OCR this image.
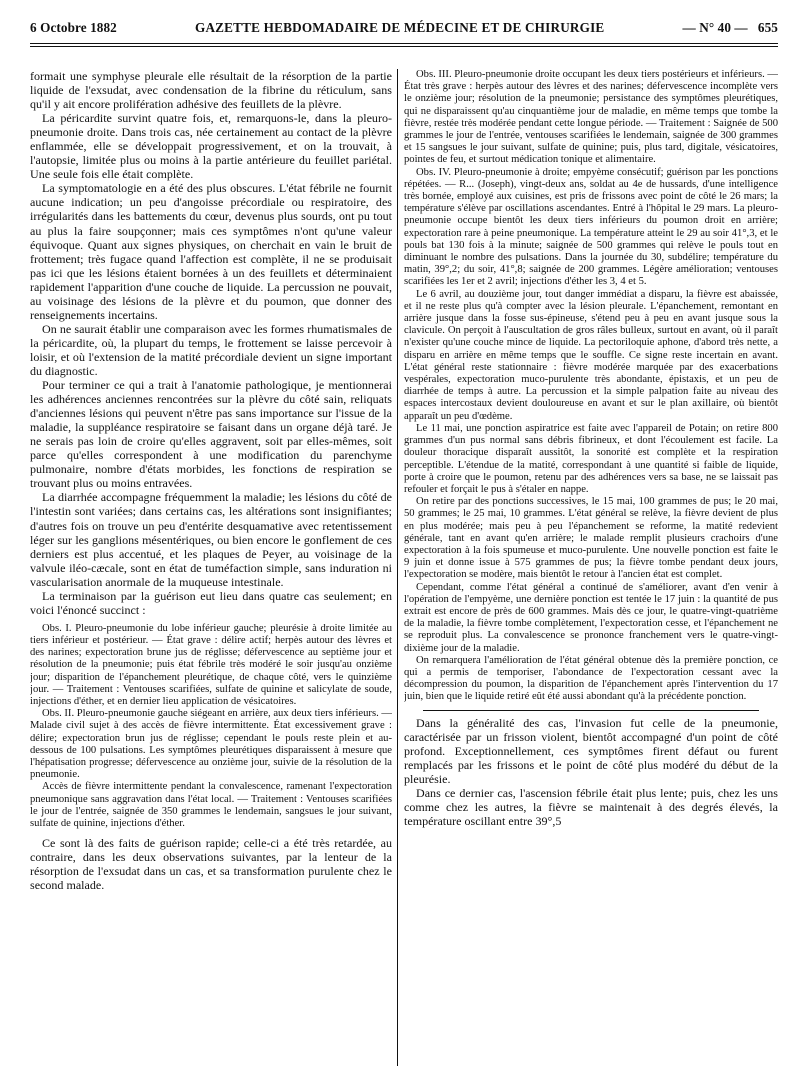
6 Octobre 1882	GAZETTE HEBDOMADAIRE DE MÉDECINE ET DE CHIRURGIE	— N° 40 — 655

formait une symphyse pleurale elle résultait de la résorption de la partie liquide de l'exsudat, avec condensation de la fibrine du réticulum, sans qu'il y ait encore prolifération adhésive des feuillets de la plèvre.

La péricardite survint quatre fois, et, remarquons-le, dans la pleuro-pneumonie droite. Dans trois cas, née certainement au contact de la plèvre enflammée, elle se développait progressivement, et on la trouvait, à l'autopsie, limitée plus ou moins à la partie antérieure du feuillet pariétal. Une seule fois elle était complète.

La symptomatologie en a été des plus obscures. L'état fébrile ne fournit aucune indication; un peu d'angoisse précordiale ou respiratoire, des irrégularités dans les battements du cœur, devenus plus sourds, ont pu tout au plus la faire soupçonner; mais ces symptômes n'ont qu'une valeur équivoque. Quant aux signes physiques, on cherchait en vain le bruit de frottement; très fugace quand l'affection est complète, il ne se produisait pas ici que les lésions étaient bornées à un des feuillets et déterminaient rapidement l'apparition d'une couche de liquide. La percussion ne pouvait, au voisinage des lésions de la plèvre et du poumon, que donner des renseignements incertains.

On ne saurait établir une comparaison avec les formes rhumatismales de la péricardite, où, la plupart du temps, le frottement se laisse percevoir à loisir, et où l'extension de la matité précordiale devient un signe important du diagnostic.

Pour terminer ce qui a trait à l'anatomie pathologique, je mentionnerai les adhérences anciennes rencontrées sur la plèvre du côté sain, reliquats d'anciennes lésions qui peuvent n'être pas sans importance sur l'issue de la maladie, la suppléance respiratoire se faisant dans un organe déjà taré. Je ne serais pas loin de croire qu'elles aggravent, soit par elles-mêmes, soit parce qu'elles correspondent à une modification du parenchyme pulmonaire, nombre d'états morbides, les fonctions de respiration se trouvant plus ou moins entravées.

La diarrhée accompagne fréquemment la maladie; les lésions du côté de l'intestin sont variées; dans certains cas, les altérations sont insignifiantes; d'autres fois on trouve un peu d'entérite desquamative avec retentissement léger sur les ganglions mésentériques, ou bien encore le gonflement de ces derniers est plus accentué, et les plaques de Peyer, au voisinage de la valvule iléo-cæcale, sont en état de tuméfaction simple, sans induration ni vascularisation anormale de la muqueuse intestinale.

La terminaison par la guérison eut lieu dans quatre cas seulement; en voici l'énoncé succinct :

Obs. I. Pleuro-pneumonie du lobe inférieur gauche; pleurésie à droite limitée au tiers inférieur et postérieur. — État grave : délire actif; herpès autour des lèvres et des narines; expectoration brune jus de réglisse; défervescence au septième jour et résolution de la pneumonie; puis état fébrile très modéré le soir jusqu'au onzième jour; disparition de l'épanchement pleurétique, de chaque côté, vers le quinzième jour. — Traitement : Ventouses scarifiées, sulfate de quinine et salicylate de soude, injections d'éther, et en dernier lieu application de vésicatoires.

Obs. II. Pleuro-pneumonie gauche siégeant en arrière, aux deux tiers inférieurs. — Malade civil sujet à des accès de fièvre intermittente. État excessivement grave : délire; expectoration brun jus de réglisse; cependant le pouls reste plein et au-dessous de 100 pulsations. Les symptômes pleurétiques disparaissent à mesure que l'hépatisation progresse; défervescence au onzième jour, suivie de la résolution de la pneumonie.

Accès de fièvre intermittente pendant la convalescence, ramenant l'expectoration pneumonique sans aggravation dans l'état local. — Traitement : Ventouses scarifiées le jour de l'entrée, saignée de 350 grammes le lendemain, sangsues le jour suivant, sulfate de quinine, injections d'éther.

Ce sont là des faits de guérison rapide; celle-ci a été très retardée, au contraire, dans les deux observations suivantes, par la lenteur de la résorption de l'exsudat dans un cas, et sa transformation purulente chez le second malade.

Obs. III. Pleuro-pneumonie droite occupant les deux tiers postérieurs et inférieurs. — État très grave : herpès autour des lèvres et des narines; défervescence incomplète vers le onzième jour; résolution de la pneumonie; persistance des symptômes pleurétiques, qui ne disparaissent qu'au cinquantième jour de maladie, en même temps que tombe la fièvre, restée très modérée pendant cette longue période. — Traitement : Saignée de 500 grammes le jour de l'entrée, ventouses scarifiées le lendemain, saignée de 300 grammes et 15 sangsues le jour suivant, sulfate de quinine; puis, plus tard, digitale, vésicatoires, pointes de feu, et surtout médication tonique et alimentaire.

Obs. IV. Pleuro-pneumonie à droite; empyème consécutif; guérison par les ponctions répétées. — R... (Joseph), vingt-deux ans, soldat au 4e de hussards, d'une intelligence très bornée, employé aux cuisines, est pris de frissons avec point de côté le 26 mars; la température s'élève par oscillations ascendantes. Entré à l'hôpital le 29 mars. La pleuro-pneumonie occupe bientôt les deux tiers inférieurs du poumon droit en arrière; expectoration rare à peine pneumonique. La température atteint le 29 au soir 41°,3, et le pouls bat 130 fois à la minute; saignée de 500 grammes qui relève le pouls tout en diminuant le nombre des pulsations. Dans la journée du 30, subdélire; température du matin, 39°,2; du soir, 41°,8; saignée de 200 grammes. Légère amélioration; ventouses scarifiées les 1er et 2 avril; injections d'éther les 3, 4 et 5.

Le 6 avril, au douzième jour, tout danger immédiat a disparu, la fièvre est abaissée, et il ne reste plus qu'à compter avec la lésion pleurale. L'épanchement, remontant en arrière jusque dans la fosse sus-épineuse, s'étend peu à peu en avant jusque sous la clavicule. On perçoit à l'auscultation de gros râles bulleux, surtout en avant, où il paraît n'exister qu'une couche mince de liquide. La pectoriloquie aphone, d'abord très nette, a disparu en arrière en même temps que le souffle. Ce signe reste incertain en avant. L'état général reste stationnaire : fièvre modérée marquée par des exacerbations vespérales, expectoration muco-purulente très abondante, épistaxis, et un peu de diarrhée de temps à autre. La percussion et la simple palpation faite au niveau des espaces intercostaux devient douloureuse en avant et sur le plan axillaire, où bientôt apparaît un peu d'œdème.

Le 11 mai, une ponction aspiratrice est faite avec l'appareil de Potain; on retire 800 grammes d'un pus normal sans débris fibrineux, et dont l'écoulement est facile. La douleur thoracique disparaît aussitôt, la sonorité est complète et la respiration perceptible. L'étendue de la matité, correspondant à une quantité si faible de liquide, porte à croire que le poumon, retenu par des adhérences vers sa base, ne se laissait pas refouler et forçait le pus à s'étaler en nappe.

On retire par des ponctions successives, le 15 mai, 100 grammes de pus; le 20 mai, 50 grammes; le 25 mai, 10 grammes. L'état général se relève, la fièvre devient de plus en plus modérée; mais peu à peu l'épanchement se reforme, la matité redevient générale, tant en avant qu'en arrière; le malade remplit plusieurs crachoirs d'une expectoration à la fois spumeuse et muco-purulente. Une nouvelle ponction est faite le 9 juin et donne issue à 575 grammes de pus; la fièvre tombe pendant deux jours, l'expectoration se modère, mais bientôt le retour à l'ancien état est complet.

Cependant, comme l'état général a continué de s'améliorer, avant d'en venir à l'opération de l'empyème, une dernière ponction est tentée le 17 juin : la quantité de pus extrait est encore de près de 600 grammes. Mais dès ce jour, le quatre-vingt-quatrième de la maladie, la fièvre tombe complètement, l'expectoration cesse, et l'épanchement ne se reproduit plus. La convalescence se prononce franchement vers le quatre-vingt-dixième jour de la maladie.

On remarquera l'amélioration de l'état général obtenue dès la première ponction, ce qui a permis de temporiser, l'abondance de l'expectoration cessant avec la décompression du poumon, la disparition de l'épanchement après l'intervention du 17 juin, bien que le liquide retiré eût été aussi abondant qu'à la précédente ponction.

Dans la généralité des cas, l'invasion fut celle de la pneumonie, caractérisée par un frisson violent, bientôt accompagné d'un point de côté profond. Exceptionnellement, ces symptômes firent défaut ou furent remplacés par les frissons et le point de côté plus modéré du début de la pleurésie.

Dans ce dernier cas, l'ascension fébrile était plus lente; puis, chez les uns comme chez les autres, la fièvre se maintenait à des degrés élevés, la température oscillant entre 39°,5
